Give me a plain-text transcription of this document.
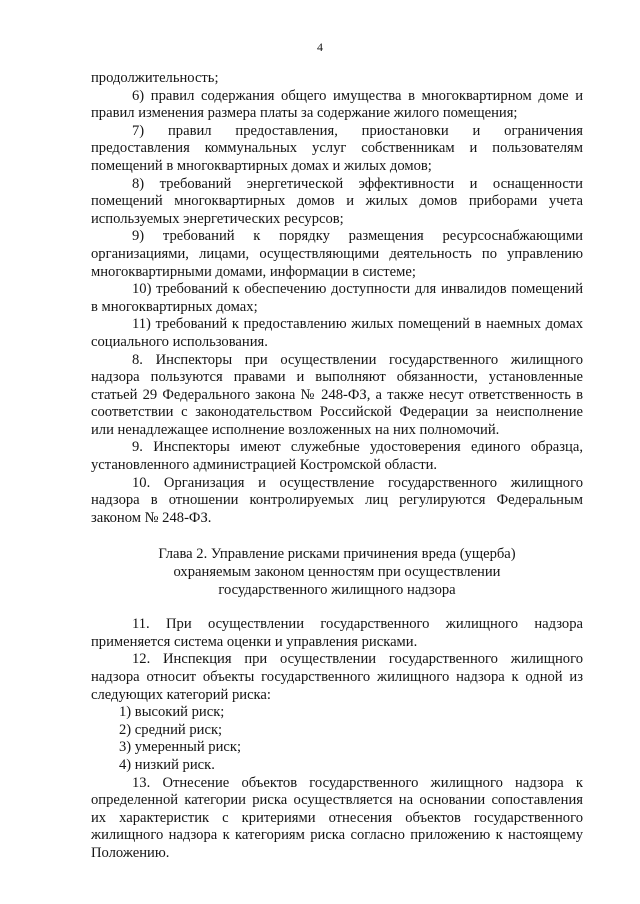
4

продолжительность;

6) правил содержания общего имущества в многоквартирном доме и правил изменения размера платы за содержание жилого помещения;

7) правил предоставления, приостановки и ограничения предоставления коммунальных услуг собственникам и пользователям помещений в многоквартирных домах и жилых домов;

8) требований энергетической эффективности и оснащенности помещений многоквартирных домов и жилых домов приборами учета используемых энергетических ресурсов;

9) требований к порядку размещения ресурсоснабжающими организациями, лицами, осуществляющими деятельность по управлению многоквартирными домами, информации в системе;

10) требований к обеспечению доступности для инвалидов помещений в многоквартирных домах;

11) требований к предоставлению жилых помещений в наемных домах социального использования.

8. Инспекторы при осуществлении государственного жилищного надзора пользуются правами и выполняют обязанности, установленные статьей 29 Федерального закона № 248-ФЗ, а также несут ответственность в соответствии с законодательством Российской Федерации за неисполнение или ненадлежащее исполнение возложенных на них полномочий.

9. Инспекторы имеют служебные удостоверения единого образца, установленного администрацией Костромской области.

10. Организация и осуществление государственного жилищного надзора в отношении контролируемых лиц регулируются Федеральным законом № 248-ФЗ.

Глава 2. Управление рисками причинения вреда (ущерба)
охраняемым законом ценностям при осуществлении
государственного жилищного надзора

11. При осуществлении государственного жилищного надзора применяется система оценки и управления рисками.

12. Инспекция при осуществлении государственного жилищного надзора относит объекты государственного жилищного надзора к одной из следующих категорий риска:

1) высокий риск;

2) средний риск;

3) умеренный риск;

4) низкий риск.

13. Отнесение объектов государственного жилищного надзора к определенной категории риска осуществляется на основании сопоставления их характеристик с критериями отнесения объектов государственного жилищного надзора к категориям риска согласно приложению к настоящему Положению.
